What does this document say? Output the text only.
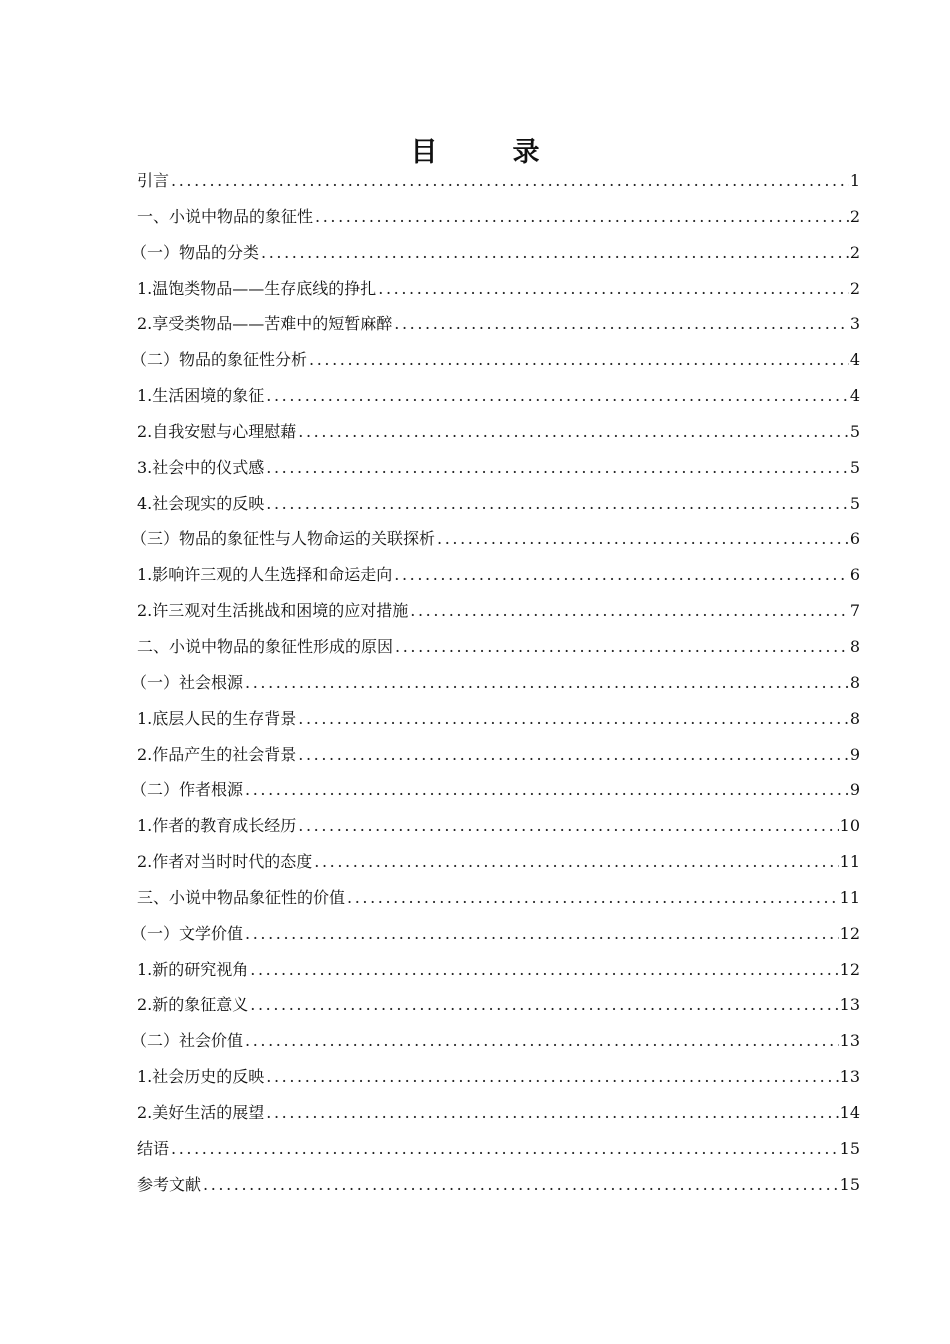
目　录
引言 .....	1
一、小说中物品的象征性 .....	2
（一）物品的分类 .....	2
1.温饱类物品——生存底线的挣扎 .....	2
2.享受类物品——苦难中的短暂麻醉 .....	3
（二）物品的象征性分析 .....	4
1.生活困境的象征 .....	4
2.自我安慰与心理慰藉 .....	5
3.社会中的仪式感 .....	5
4.社会现实的反映 .....	5
（三）物品的象征性与人物命运的关联探析 .....	6
1.影响许三观的人生选择和命运走向 .....	6
2.许三观对生活挑战和困境的应对措施 .....	7
二、小说中物品的象征性形成的原因 .....	8
（一）社会根源 .....	8
1.底层人民的生存背景 .....	8
2.作品产生的社会背景 .....	9
（二）作者根源 .....	9
1.作者的教育成长经历 .....	10
2.作者对当时时代的态度 .....	11
三、小说中物品象征性的价值 .....	11
（一）文学价值 .....	12
1.新的研究视角 .....	12
2.新的象征意义 .....	13
（二）社会价值 .....	13
1.社会历史的反映 .....	13
2.美好生活的展望 .....	14
结语 .....	15
参考文献 .....	15
